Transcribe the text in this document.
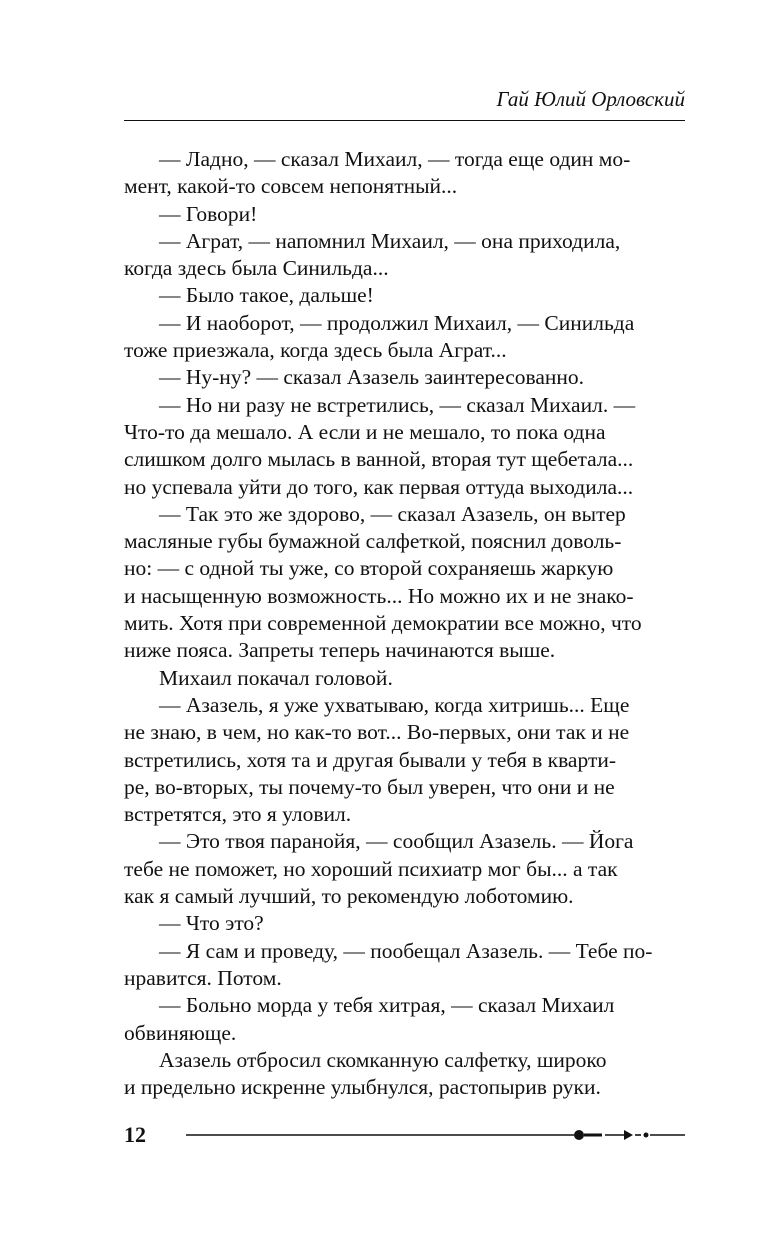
Гай Юлий Орловский

— Ладно, — сказал Михаил, — тогда еще один мо-
мент, какой-то совсем непонятный...

— Говори!

— Аграт, — напомнил Михаил, — она приходила,
когда здесь была Синильда...

— Было такое, дальше!

— И наоборот, — продолжил Михаил, — Синильда
тоже приезжала, когда здесь была Аграт...

— Ну-ну? — сказал Азазель заинтересованно.

— Но ни разу не встретились, — сказал Михаил. —
Что-то да мешало. А если и не мешало, то пока одна
слишком долго мылась в ванной, вторая тут щебетала...
но успевала уйти до того, как первая оттуда выходила...

— Так это же здорово, — сказал Азазель, он вытер
масляные губы бумажной салфеткой, пояснил доволь-
но: — с одной ты уже, со второй сохраняешь жаркую
и насыщенную возможность... Но можно их и не знако-
мить. Хотя при современной демократии все можно, что
ниже пояса. Запреты теперь начинаются выше.

Михаил покачал головой.

— Азазель, я уже ухватываю, когда хитришь... Еще
не знаю, в чем, но как-то вот... Во-первых, они так и не
встретились, хотя та и другая бывали у тебя в кварти-
ре, во-вторых, ты почему-то был уверен, что они и не
встретятся, это я уловил.

— Это твоя паранойя, — сообщил Азазель. — Йога
тебе не поможет, но хороший психиатр мог бы... а так
как я самый лучший, то рекомендую лоботомию.

— Что это?

— Я сам и проведу, — пообещал Азазель. — Тебе по-
нравится. Потом.

— Больно морда у тебя хитрая, — сказал Михаил
обвиняюще.

Азазель отбросил скомканную салфетку, широко
и предельно искренне улыбнулся, растопырив руки.

12
